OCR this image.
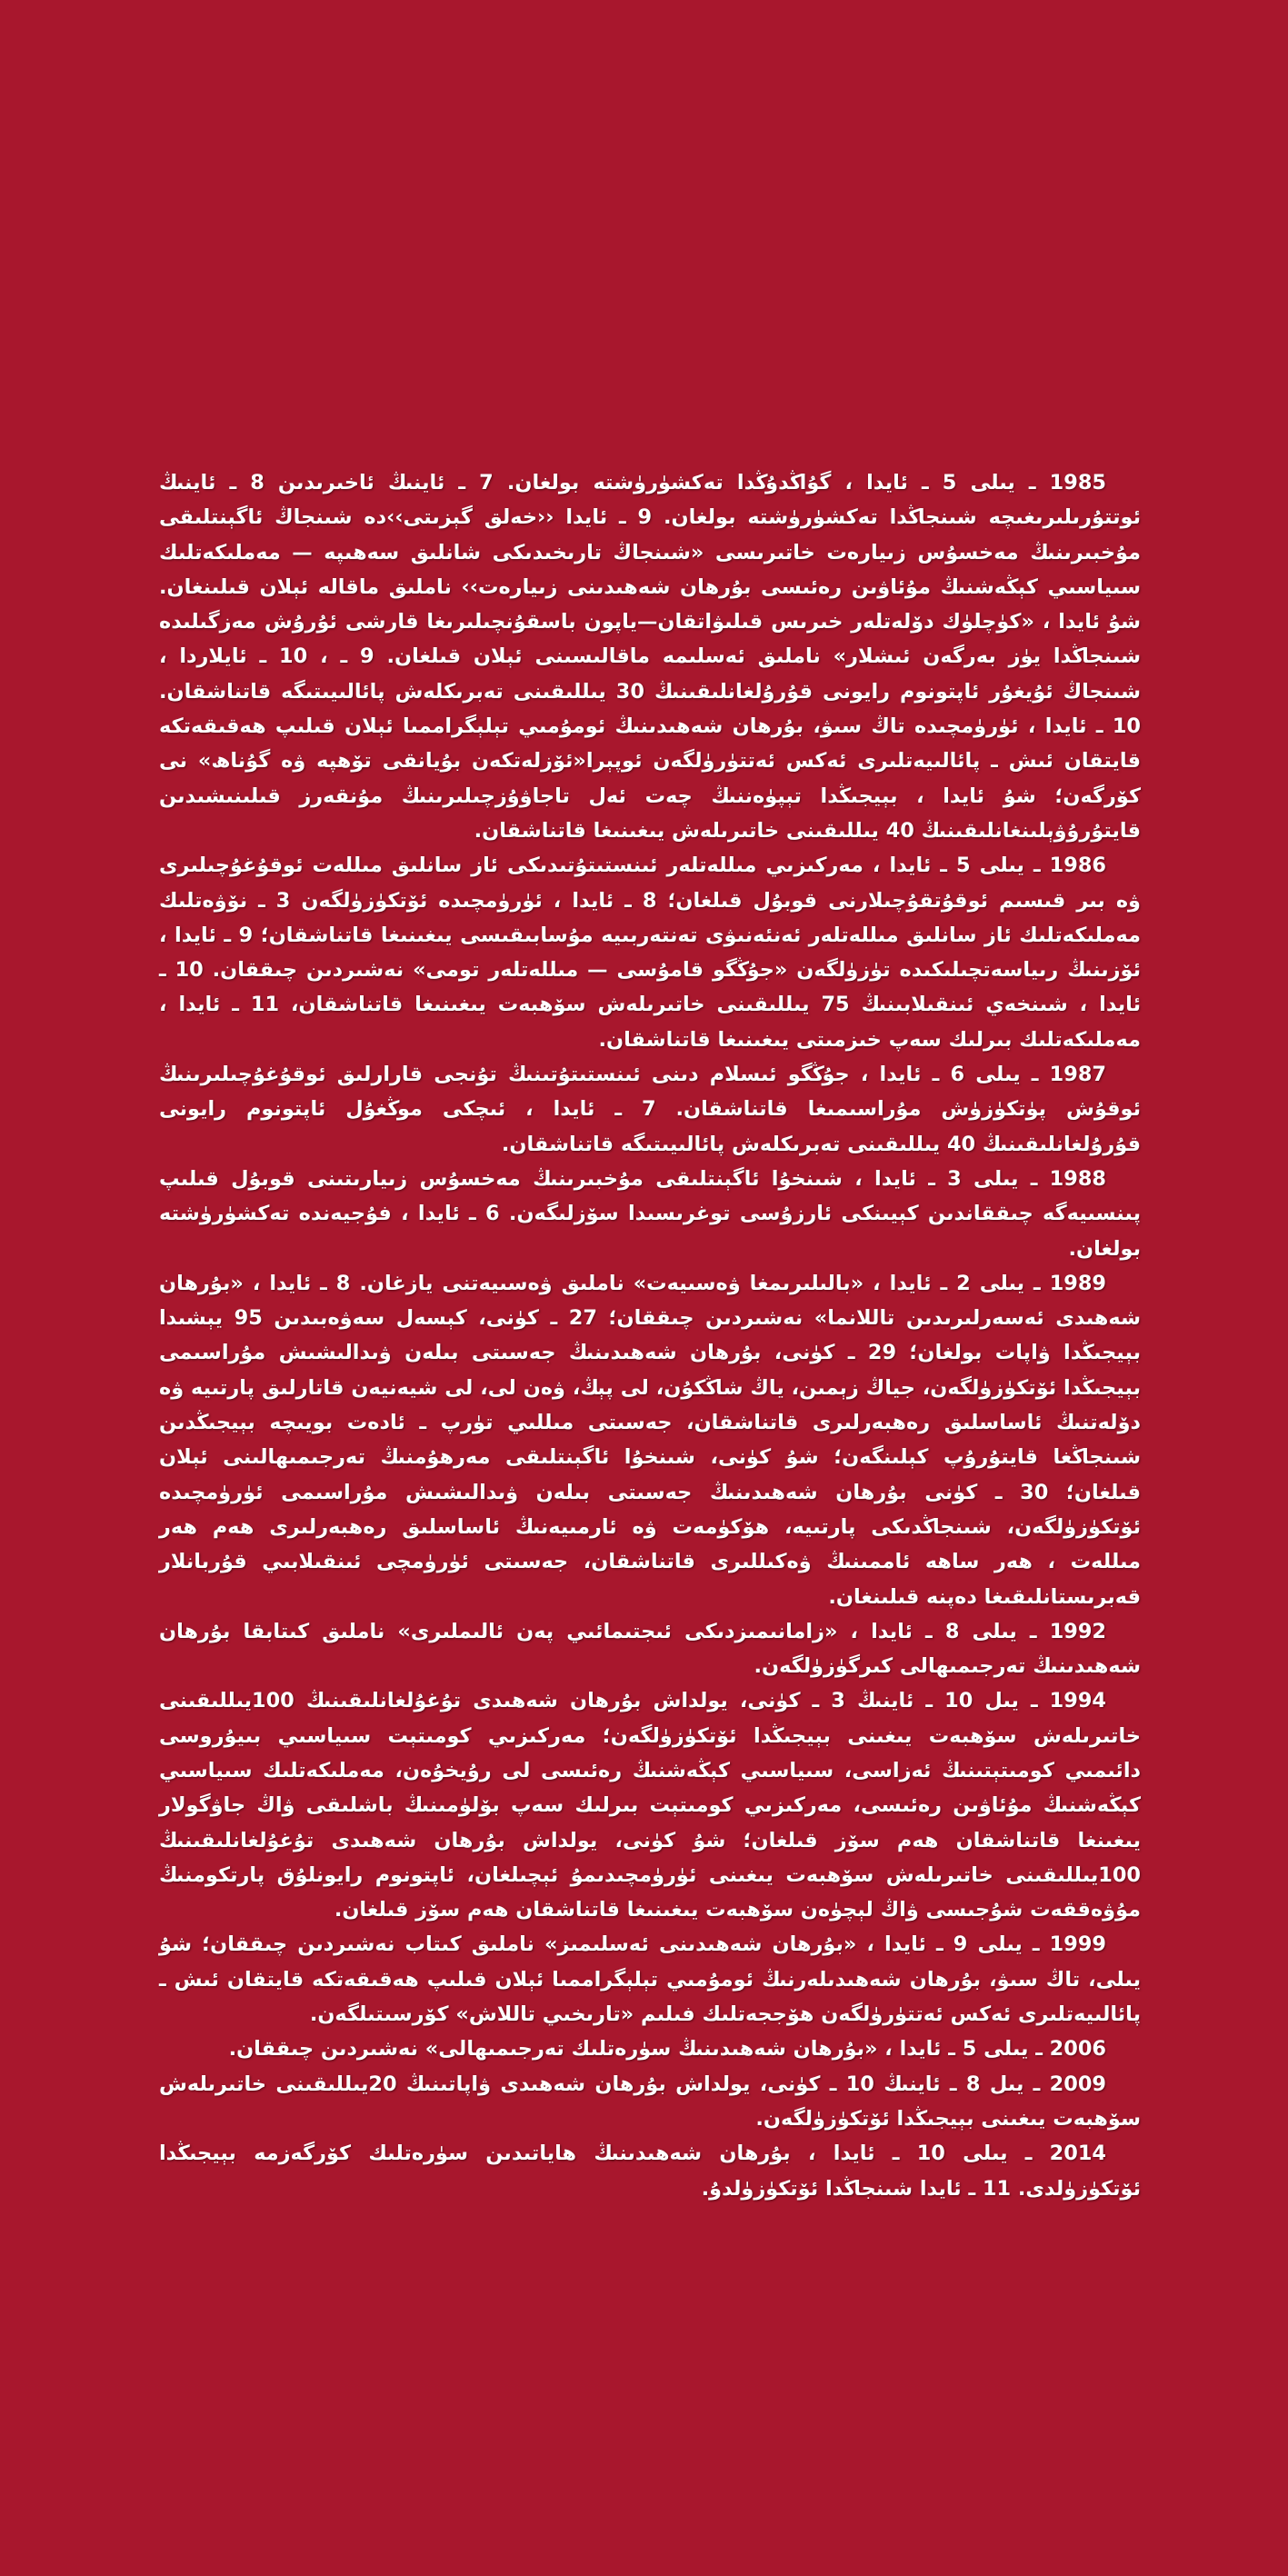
1985 ـ يىلى 5 ـ ئايدا ، گۇاڭدۇڭدا تەكشۈرۈشتە بولغان. 7 ـ ئاينىڭ ئاخىرىدىن 8 ـ ئاينىڭ ئوتتۇرىلىرىغىچە شىنجاڭدا تەكشۈرۈشتە بولغان. 9 ـ ئايدا ‹‹خەلق گېزىتى››دە شىنجاڭ ئاگېنتلىقى مۇخبىرىنىڭ مەخسۇس زىيارەت خاتىرىسى «شىنجاڭ تارىخىدىكى شانلىق سەھىپە — مەملىكەتلىك سىياسىي كېڭەشنىڭ مۇئاۋىن رەئىسى بۇرھان شەھىدىنى زىيارەت›› ناملىق ماقالە ئېلان قىلىنغان. شۇ ئايدا ، «كۈچلۈك دۆلەتلەر خىرىس قىلىۋاتقان—ياپون باسقۇنچىلىرىغا قارشى ئۇرۇش مەزگىلىدە شىنجاڭدا يۈز بەرگەن ئىشلار» ناملىق ئەسلىمە ماقالىسىنى ئېلان قىلغان. 9 ـ ، 10 ـ ئايلاردا ، شىنجاڭ ئۇيغۇر ئاپتونوم رايونى قۇرۇلغانلىقىنىڭ 30 يىللىقىنى تەبرىكلەش پائالىيىتىگە قاتناشقان. 10 ـ ئايدا ، ئۈرۈمچىدە تاڭ سىۋ، بۇرھان شەھىدىنىڭ ئومۇمىي تېلېگراممىا ئېلان قىلىپ ھەقىقەتكە قايتقان ئىش ـ پائالىيەتلىرى ئەكس ئەتتۈرۈلگەن ئوپېرا«ئۆزلەتكەن بۇيانقى تۆھپە ۋە گۇناھ» نى كۆرگەن؛ شۇ ئايدا ، بېيجىڭدا تېپۈەننىڭ چەت ئەل تاجاۋۇزچىلىرىنىڭ مۇنقەرز قىلىنىشىدىن قايتۇرۇۋېلىنغانلىقىنىڭ 40 يىللىقىنى خاتىرىلەش يىغىنىغا قاتناشقان.

1986 ـ يىلى 5 ـ ئايدا ، مەركىزىي مىللەتلەر ئىنستىتۇتىدىكى ئاز سانلىق مىللەت ئوقۇغۇچىلىرى ۋە بىر قىسىم ئوقۇتقۇچىلارنى قوبۇل قىلغان؛ 8 ـ ئايدا ، ئۈرۈمچىدە ئۆتكۈزۈلگەن 3 ـ نۆۋەتلىك مەملىكەتلىك ئاز سانلىق مىللەتلەر ئەنئەنىۋى تەنتەربىيە مۇسابىقىسى يىغىنىغا قاتناشقان؛ 9 ـ ئايدا ، ئۆزىنىڭ رىياسەتچىلىكىدە تۈزۈلگەن «جۇڭگو قامۇسى — مىللەتلەر تومى» نەشىردىن چىققان. 10 ـ ئايدا ، شىنخەي ئىنقىلابىنىڭ 75 يىللىقىنى خاتىرىلەش سۆھبەت يىغىنىغا قاتناشقان، 11 ـ ئايدا ، مەملىكەتلىك بىرلىك سەپ خىزمىتى يىغىنىغا قاتناشقان.

1987 ـ يىلى 6 ـ ئايدا ، جۇڭگو ئىسلام دىنى ئىنستىتۇتىنىڭ تۇنجى قارارلىق ئوقۇغۇچىلىرىنىڭ ئوقۇش پۈتكۈزۈش مۇراسىمىغا قاتناشقان. 7 ـ ئايدا ، ئىچكى موڭغۇل ئاپتونوم رايونى قۇرۇلغانلىقىنىڭ 40 يىللىقىنى تەبرىكلەش پائالىيىتىگە قاتناشقان.

1988 ـ يىلى 3 ـ ئايدا ، شىنخۇا ئاگېنتلىقى مۇخبىرىنىڭ مەخسۇس زىيارىتىنى قوبۇل قىلىپ پىنسىيەگە چىققاندىن كېيىنكى ئارزۇسى توغرىسىدا سۆزلىگەن. 6 ـ ئايدا ، فۇجيەندە تەكشۈرۈشتە بولغان.

1989 ـ يىلى 2 ـ ئايدا ، «بالىلىرىمغا ۋەسىيەت» ناملىق ۋەسىيەتنى يازغان. 8 ـ ئايدا ، «بۇرھان شەھىدى ئەسەرلىرىدىن تاللانما» نەشىردىن چىققان؛ 27 ـ كۈنى، كېسەل سەۋەبىدىن 95 يېشىدا بېيجىڭدا ۋاپات بولغان؛ 29 ـ كۈنى، بۇرھان شەھىدىنىڭ جەسىتى بىلەن ۋىدالىشىش مۇراسىمى بېيجىڭدا ئۆتكۈزۈلگەن، جياڭ زېمىن، ياڭ شاڭكۇن، لى پېڭ، ۋەن لى، لى شيەنيەن قاتارلىق پارتىيە ۋە دۆلەتنىڭ ئاساسلىق رەھبەرلىرى قاتناشقان، جەسىتى مىللىي تۈرپ ـ ئادەت بويىچە بېيجىڭدىن شىنجاڭغا قايتۇرۇپ كېلىنگەن؛ شۇ كۈنى، شىنخۇا ئاگېنتلىقى مەرھۇمنىڭ تەرجىمىھالىنى ئېلان قىلغان؛ 30 ـ كۈنى بۇرھان شەھىدىنىڭ جەسىتى بىلەن ۋىدالىشىش مۇراسىمى ئۈرۈمچىدە ئۆتكۈزۈلگەن، شىنجاڭدىكى پارتىيە، ھۆكۈمەت ۋە ئارمىيەنىڭ ئاساسلىق رەھبەرلىرى ھەم ھەر مىللەت ، ھەر ساھە ئاممىنىڭ ۋەكىللىرى قاتناشقان، جەسىتى ئۈرۈمچى ئىنقىلابىي قۇربانلار قەبرىستانلىقىغا دەپنە قىلىنغان.

1992 ـ يىلى 8 ـ ئايدا ، «زامانىمىزدىكى ئىجتىمائىي پەن ئالىملىرى» ناملىق كىتابقا بۇرھان شەھىدىنىڭ تەرجىمىھالى كىرگۈزۈلگەن.

1994 ـ يىل 10 ـ ئاينىڭ 3 ـ كۈنى، يولداش بۇرھان شەھىدى تۇغۇلغانلىقىنىڭ 100يىللىقىنى خاتىرىلەش سۆھبەت يىغىنى بېيجىڭدا ئۆتكۈزۈلگەن؛ مەركىزىي كومىتېت سىياسىي بىيۇروسى دائىمىي كومىتېتىنىڭ ئەزاسى، سىياسىي كېڭەشنىڭ رەئىسى لى رۇيخۇەن، مەملىكەتلىك سىياسىي كېڭەشنىڭ مۇئاۋىن رەئىسى، مەركىزىي كومىتېت بىرلىك سەپ بۆلۈمىنىڭ باشلىقى ۋاڭ جاۋگولار يىغىنغا قاتناشقان ھەم سۆز قىلغان؛ شۇ كۈنى، يولداش بۇرھان شەھىدى تۇغۇلغانلىقىنىڭ 100يىللىقىنى خاتىرىلەش سۆھبەت يىغىنى ئۈرۈمچىدىمۇ ئېچىلغان، ئاپتونوم رايونلۇق پارتكومنىڭ مۇۋەققەت شۇجىسى ۋاڭ لېچۈەن سۆھبەت يىغىنىغا قاتناشقان ھەم سۆز قىلغان.

1999 ـ يىلى 9 ـ ئايدا ، «بۇرھان شەھىدىنى ئەسلىمىز» ناملىق كىتاب نەشىردىن چىققان؛ شۇ يىلى، تاڭ سىۋ، بۇرھان شەھىدىلەرنىڭ ئومۇمىي تېلېگراممىا ئېلان قىلىپ ھەقىقەتكە قايتقان ئىش ـ پائالىيەتلىرى ئەكس ئەتتۈرۈلگەن ھۆججەتلىك فىلىم «تارىخىي تاللاش» كۆرسىتىلگەن.

2006 ـ يىلى 5 ـ ئايدا ، «بۇرھان شەھىدىنىڭ سۈرەتلىك تەرجىمىھالى» نەشىردىن چىققان.

2009 ـ يىل 8 ـ ئاينىڭ 10 ـ كۈنى، يولداش بۇرھان شەھىدى ۋاپاتىنىڭ 20يىللىقىنى خاتىرىلەش سۆھبەت يىغىنى بېيجىڭدا ئۆتكۈزۈلگەن.

2014 ـ يىلى 10 ـ ئايدا ، بۇرھان شەھىدىنىڭ ھاياتىدىن سۈرەتلىك كۆرگەزمە بېيجىڭدا ئۆتكۈزۈلدى. 11 ـ ئايدا شىنجاڭدا ئۆتكۈزۈلدۇ.
